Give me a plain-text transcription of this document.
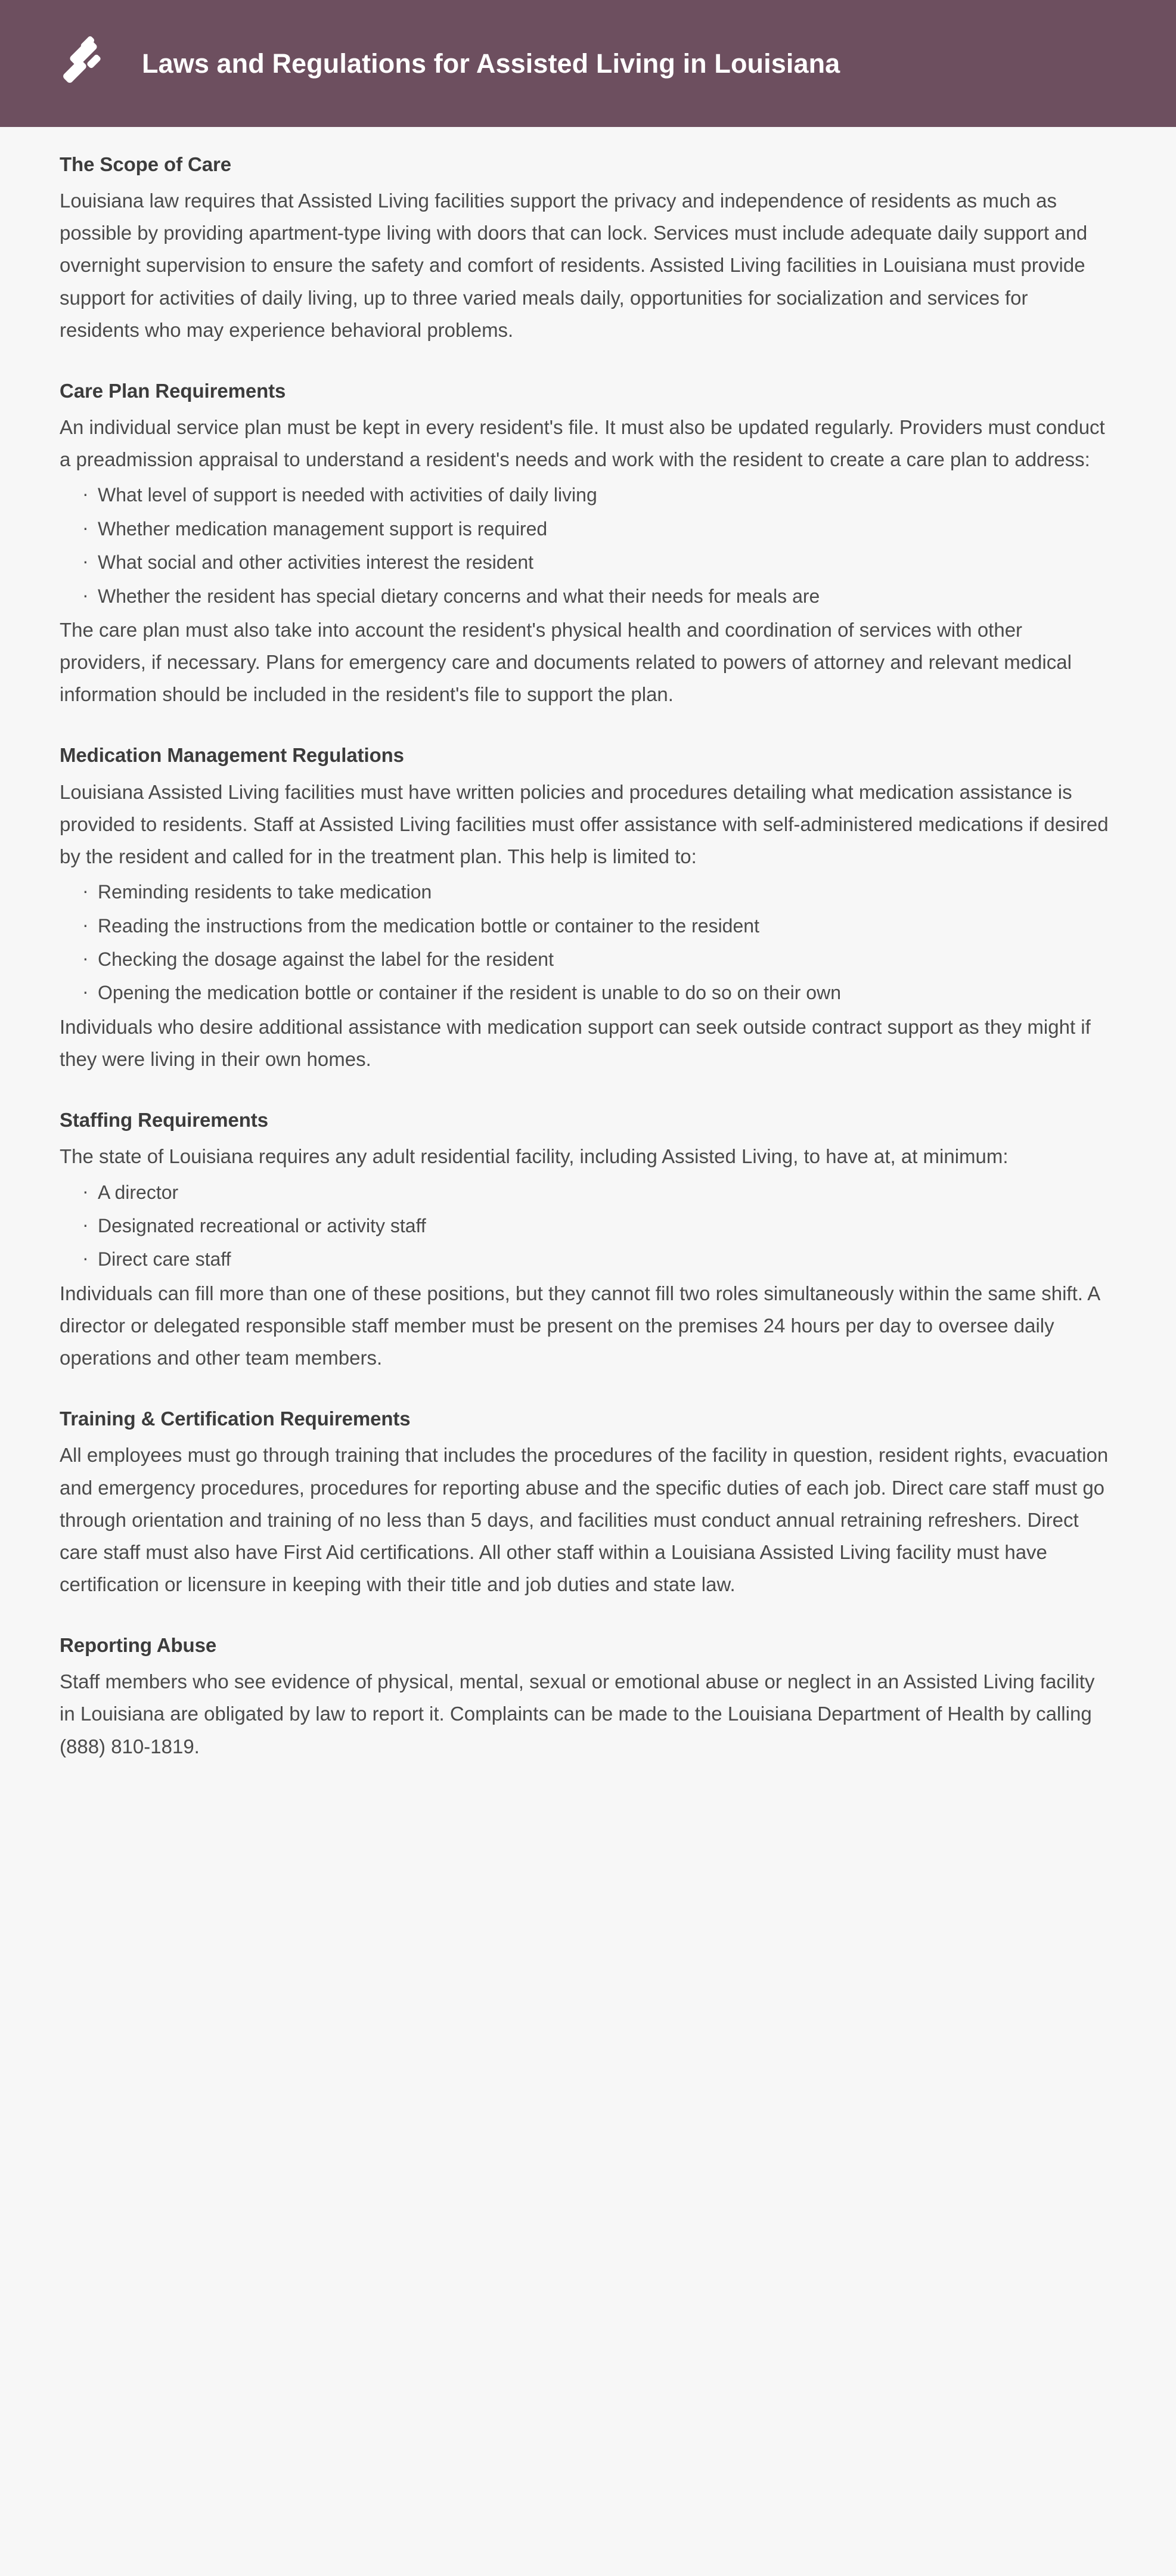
Laws and Regulations for Assisted Living in Louisiana
The Scope of Care

Louisiana law requires that Assisted Living facilities support the privacy and independence of residents as much as possible by providing apartment-type living with doors that can lock. Services must include adequate daily support and overnight supervision to ensure the safety and comfort of residents. Assisted Living facilities in Louisiana must provide support for activities of daily living, up to three varied meals daily, opportunities for socialization and services for residents who may experience behavioral problems.

Care Plan Requirements

An individual service plan must be kept in every resident's file. It must also be updated regularly. Providers must conduct a preadmission appraisal to understand a resident's needs and work with the resident to create a care plan to address:

· What level of support is needed with activities of daily living
· Whether medication management support is required
· What social and other activities interest the resident
· Whether the resident has special dietary concerns and what their needs for meals are

The care plan must also take into account the resident's physical health and coordination of services with other providers, if necessary. Plans for emergency care and documents related to powers of attorney and relevant medical information should be included in the resident's file to support the plan.

Medication Management Regulations

Louisiana Assisted Living facilities must have written policies and procedures detailing what medication assistance is provided to residents. Staff at Assisted Living facilities must offer assistance with self-administered medications if desired by the resident and called for in the treatment plan. This help is limited to:

· Reminding residents to take medication
· Reading the instructions from the medication bottle or container to the resident
· Checking the dosage against the label for the resident
· Opening the medication bottle or container if the resident is unable to do so on their own

Individuals who desire additional assistance with medication support can seek outside contract support as they might if they were living in their own homes.

Staffing Requirements

The state of Louisiana requires any adult residential facility, including Assisted Living, to have at, at minimum:

· A director
· Designated recreational or activity staff
· Direct care staff

Individuals can fill more than one of these positions, but they cannot fill two roles simultaneously within the same shift. A director or delegated responsible staff member must be present on the premises 24 hours per day to oversee daily operations and other team members.

Training & Certification Requirements

All employees must go through training that includes the procedures of the facility in question, resident rights, evacuation and emergency procedures, procedures for reporting abuse and the specific duties of each job. Direct care staff must go through orientation and training of no less than 5 days, and facilities must conduct annual retraining refreshers. Direct care staff must also have First Aid certifications. All other staff within a Louisiana Assisted Living facility must have certification or licensure in keeping with their title and job duties and state law.

Reporting Abuse

Staff members who see evidence of physical, mental, sexual or emotional abuse or neglect in an Assisted Living facility in Louisiana are obligated by law to report it. Complaints can be made to the Louisiana Department of Health by calling (888) 810-1819.
